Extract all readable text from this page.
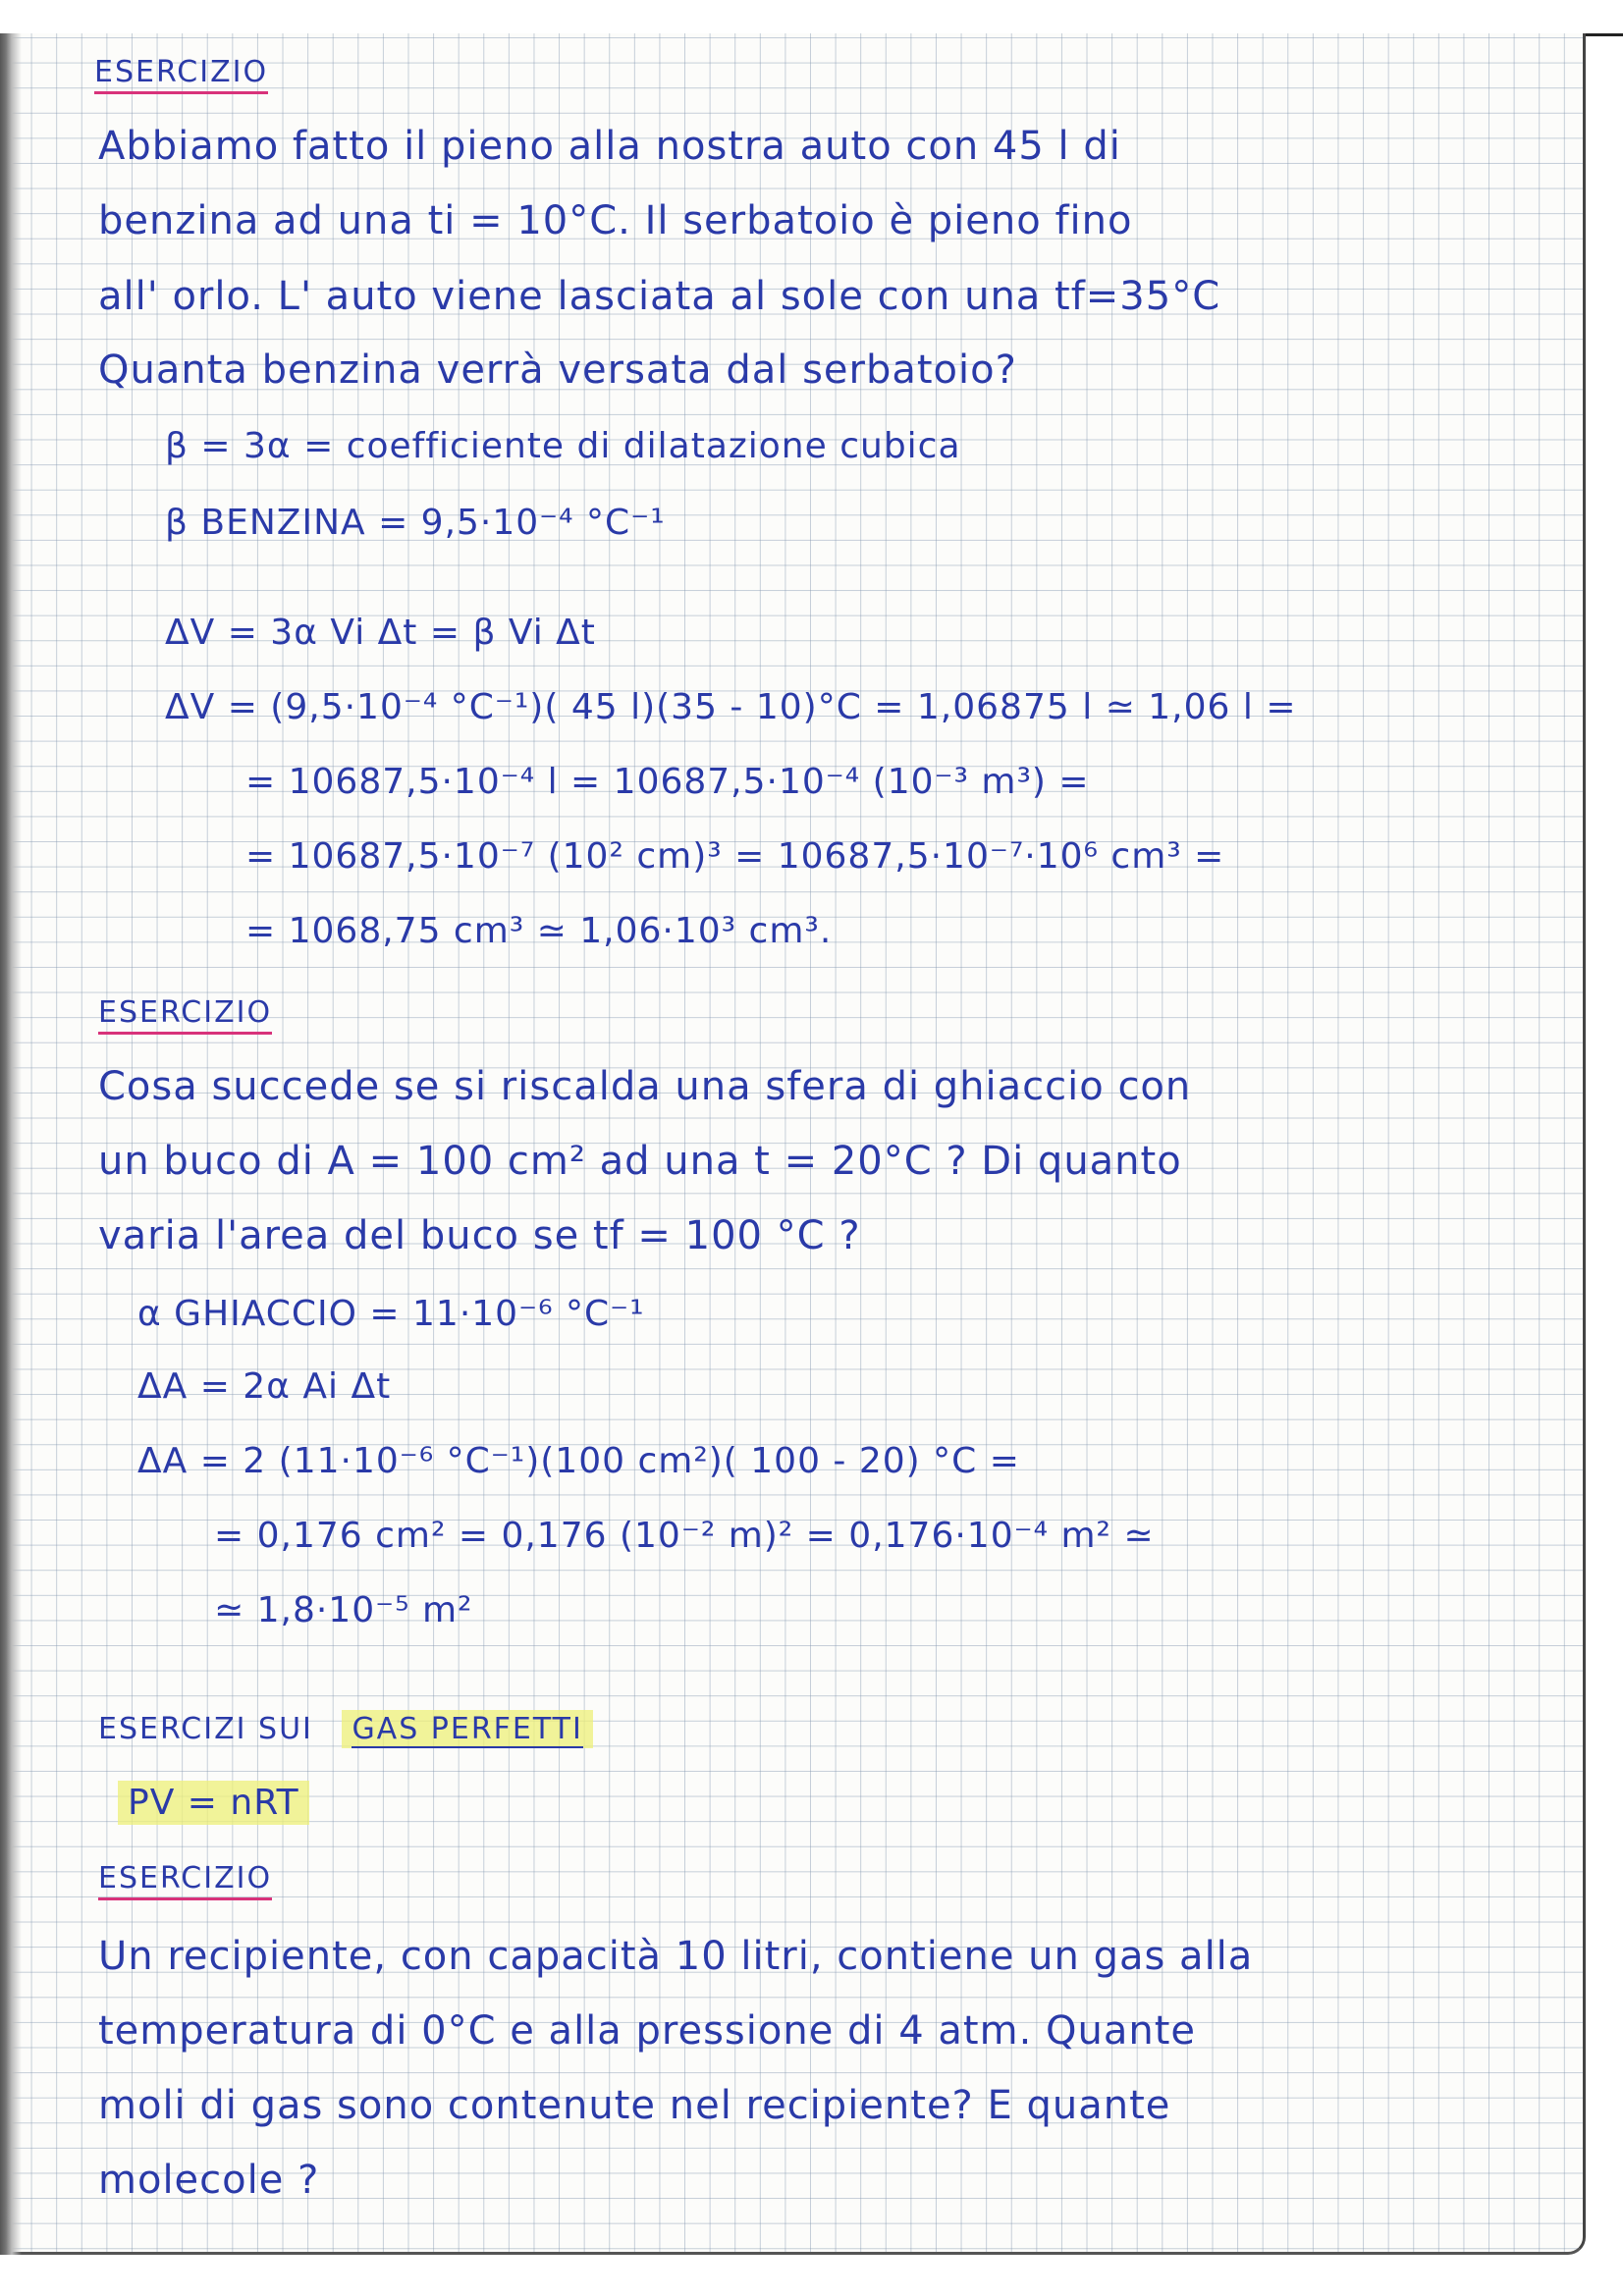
ESERCIZIO
Abbiamo fatto il pieno alla nostra auto con 45 l di
benzina ad una ti = 10°C. Il serbatoio è pieno fino
all' orlo. L' auto viene lasciata al sole con una tf=35°C
Quanta benzina verrà versata dal serbatoio?
β = 3α = coefficiente di dilatazione cubica
β BENZINA = 9,5·10⁻⁴ °C⁻¹
ΔV = 3α Vi Δt = β Vi Δt
ΔV = (9,5·10⁻⁴ °C⁻¹)( 45 l)(35 - 10)°C = 1,06875 l ≃ 1,06 l =
= 10687,5·10⁻⁴ l = 10687,5·10⁻⁴ (10⁻³ m³) =
= 10687,5·10⁻⁷ (10² cm)³ = 10687,5·10⁻⁷·10⁶ cm³ =
= 1068,75 cm³ ≃ 1,06·10³ cm³.
ESERCIZIO
Cosa succede se si riscalda una sfera di ghiaccio con
un buco di A = 100 cm² ad una t = 20°C ? Di quanto
varia l'area del buco se tf = 100 °C ?
α GHIACCIO = 11·10⁻⁶ °C⁻¹
ΔA = 2α Ai Δt
ΔA = 2 (11·10⁻⁶ °C⁻¹)(100 cm²)( 100 - 20) °C =
= 0,176 cm² = 0,176 (10⁻² m)² = 0,176·10⁻⁴ m² ≃
≃ 1,8·10⁻⁵ m²
ESERCIZI SUI GAS PERFETTI
PV = nRT
ESERCIZIO
Un recipiente, con capacità 10 litri, contiene un gas alla
temperatura di 0°C e alla pressione di 4 atm. Quante
moli di gas sono contenute nel recipiente? E quante
molecole ?
